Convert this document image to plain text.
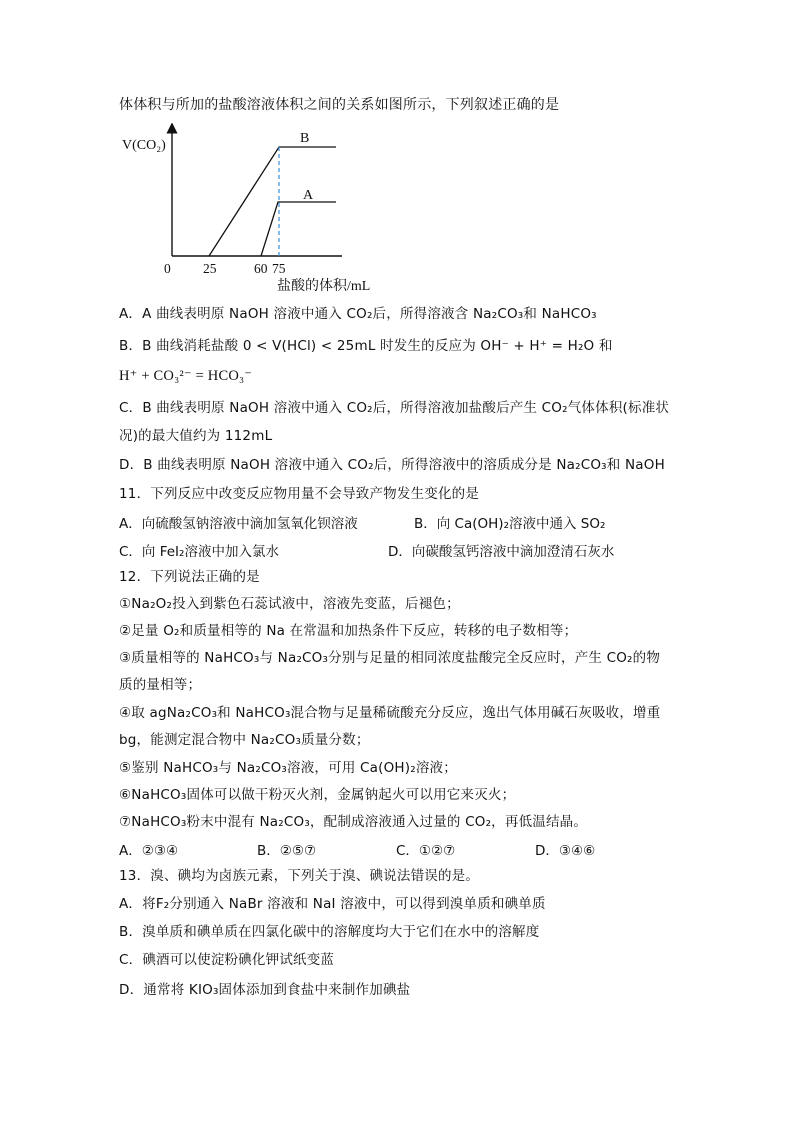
体体积与所加的盐酸溶液体积之间的关系如图所示，下列叙述正确的是
V(CO₂)	B
A
0 25	60 75
盐酸的体积/mL
A．A 曲线表明原 NaOH 溶液中通入 CO₂后，所得溶液含 Na₂CO₃和 NaHCO₃
B．B 曲线消耗盐酸 0 < V(HCl) < 25mL 时发生的反应为 OH⁻ + H⁺ = H₂O 和
H⁺ + CO₃²⁻ = HCO₃⁻
C．B 曲线表明原 NaOH 溶液中通入 CO₂后，所得溶液加盐酸后产生 CO₂气体体积(标准状
况)的最大值约为 112mL
D．B 曲线表明原 NaOH 溶液中通入 CO₂后，所得溶液中的溶质成分是 Na₂CO₃和 NaOH
11．下列反应中改变反应物用量不会导致产物发生变化的是
A．向硫酸氢钠溶液中滴加氢氧化钡溶液	B．向 Ca(OH)₂溶液中通入 SO₂
C．向 FeI₂溶液中加入氯水	D．向碳酸氢钙溶液中滴加澄清石灰水
12．下列说法正确的是
①Na₂O₂投入到紫色石蕊试液中，溶液先变蓝，后褪色；
②足量 O₂和质量相等的 Na 在常温和加热条件下反应，转移的电子数相等；
③质量相等的 NaHCO₃与 Na₂CO₃分别与足量的相同浓度盐酸完全反应时，产生 CO₂的物
质的量相等；
④取 agNa₂CO₃和 NaHCO₃混合物与足量稀硫酸充分反应，逸出气体用碱石灰吸收，增重
bg，能测定混合物中 Na₂CO₃质量分数；
⑤鉴别 NaHCO₃与 Na₂CO₃溶液，可用 Ca(OH)₂溶液；
⑥NaHCO₃固体可以做干粉灭火剂，金属钠起火可以用它来灭火；
⑦NaHCO₃粉末中混有 Na₂CO₃，配制成溶液通入过量的 CO₂，再低温结晶。
A．②③④	B．②⑤⑦	C．①②⑦	D．③④⑥
13．溴、碘均为卤族元素，下列关于溴、碘说法错误的是。
A．将F₂分别通入 NaBr 溶液和 NaI 溶液中，可以得到溴单质和碘单质
B．溴单质和碘单质在四氯化碳中的溶解度均大于它们在水中的溶解度
C．碘酒可以使淀粉碘化钾试纸变蓝
D．通常将 KIO₃固体添加到食盐中来制作加碘盐
